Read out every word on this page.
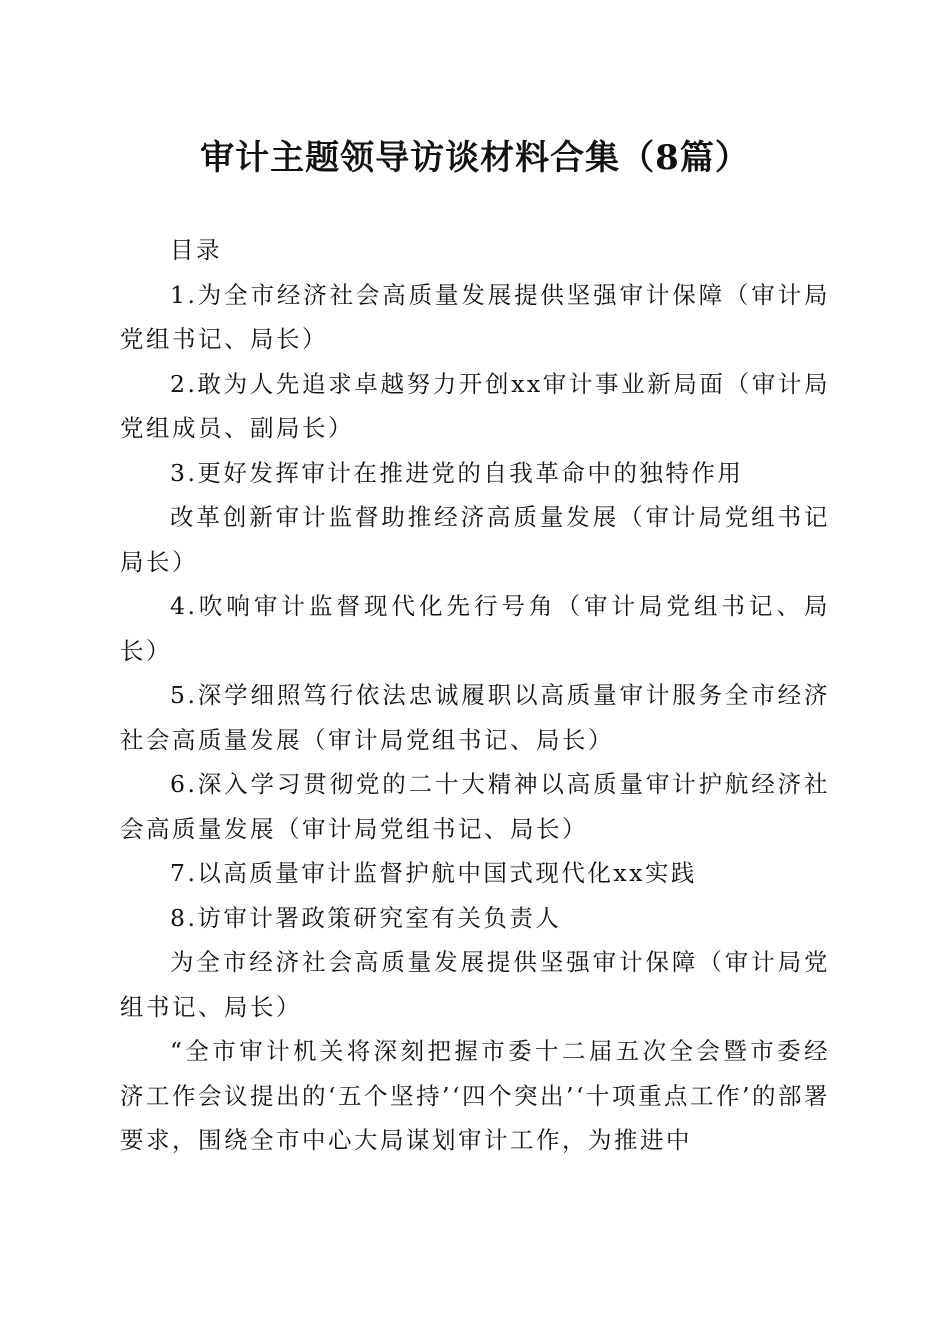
审计主题领导访谈材料合集（8篇）

目录

1.为全市经济社会高质量发展提供坚强审计保障（审计局党组书记、局长）

2.敢为人先追求卓越努力开创xx审计事业新局面（审计局党组成员、副局长）

3.更好发挥审计在推进党的自我革命中的独特作用

改革创新审计监督助推经济高质量发展（审计局党组书记局长）

4.吹响审计监督现代化先行号角（审计局党组书记、局长）

5.深学细照笃行依法忠诚履职以高质量审计服务全市经济社会高质量发展（审计局党组书记、局长）

6.深入学习贯彻党的二十大精神以高质量审计护航经济社会高质量发展（审计局党组书记、局长）

7.以高质量审计监督护航中国式现代化xx实践

8.访审计署政策研究室有关负责人

为全市经济社会高质量发展提供坚强审计保障（审计局党组书记、局长）

“全市审计机关将深刻把握市委十二届五次全会暨市委经济工作会议提出的‘五个坚持’‘四个突出’‘十项重点工作’的部署要求，围绕全市中心大局谋划审计工作，为推进中
